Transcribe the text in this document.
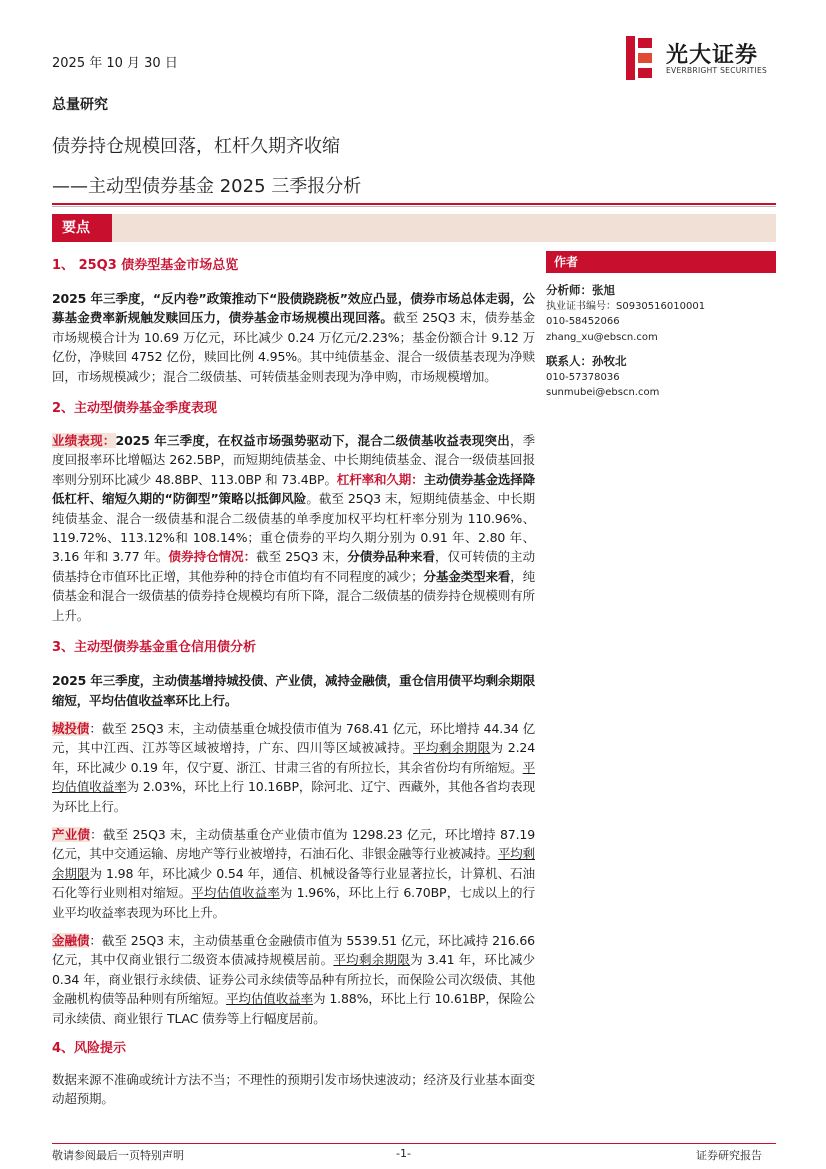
2025 年 10 月 30 日	光大证券
EVERBRIGHT SECURITIES
总量研究
债券持仓规模回落，杠杆久期齐收缩
——主动型债券基金 2025 三季报分析
要点
1、 25Q3 债券型基金市场总览

2025 年三季度，“反内卷”政策推动下“股债跷跷板”效应凸显，债券市场总体走弱，公募基金费率新规触发赎回压力，债券基金市场规模出现回落。截至 25Q3 末，债券基金市场规模合计为 10.69 万亿元，环比减少 0.24 万亿元/2.23%；基金份额合计 9.12 万亿份，净赎回 4752 亿份，赎回比例 4.95%。其中纯债基金、混合一级债基表现为净赎回，市场规模减少；混合二级债基、可转债基金则表现为净申购，市场规模增加。

2、主动型债券基金季度表现

业绩表现：2025 年三季度，在权益市场强势驱动下，混合二级债基收益表现突出，季度回报率环比增幅达 262.5BP，而短期纯债基金、中长期纯债基金、混合一级债基回报率则分别环比减少 48.8BP、113.0BP 和 73.4BP。杠杆率和久期：主动债券基金选择降低杠杆、缩短久期的“防御型”策略以抵御风险。截至 25Q3 末，短期纯债基金、中长期纯债基金、混合一级债基和混合二级债基的单季度加权平均杠杆率分别为 110.96%、119.72%、113.12%和 108.14%；重仓债券的平均久期分别为 0.91 年、2.80 年、3.16 年和 3.77 年。债券持仓情况：截至 25Q3 末，分债券品种来看，仅可转债的主动债基持仓市值环比正增，其他券种的持仓市值均有不同程度的减少；分基金类型来看，纯债基金和混合一级债基的债券持仓规模均有所下降，混合二级债基的债券持仓规模则有所上升。

3、主动型债券基金重仓信用债分析

2025 年三季度，主动债基增持城投债、产业债，减持金融债，重仓信用债平均剩余期限缩短，平均估值收益率环比上行。

城投债：截至 25Q3 末，主动债基重仓城投债市值为 768.41 亿元，环比增持 44.34 亿元，其中江西、江苏等区域被增持，广东、四川等区域被减持。平均剩余期限为 2.24 年，环比减少 0.19 年，仅宁夏、浙江、甘肃三省的有所拉长，其余省份均有所缩短。平均估值收益率为 2.03%，环比上行 10.16BP，除河北、辽宁、西藏外，其他各省均表现为环比上行。

产业债：截至 25Q3 末，主动债基重仓产业债市值为 1298.23 亿元，环比增持 87.19 亿元，其中交通运输、房地产等行业被增持，石油石化、非银金融等行业被减持。平均剩余期限为 1.98 年，环比减少 0.54 年，通信、机械设备等行业显著拉长，计算机、石油石化等行业则相对缩短。平均估值收益率为 1.96%，环比上行 6.70BP，七成以上的行业平均收益率表现为环比上升。

金融债：截至 25Q3 末，主动债基重仓金融债市值为 5539.51 亿元，环比减持 216.66 亿元，其中仅商业银行二级资本债减持规模居前。平均剩余期限为 3.41 年，环比减少 0.34 年，商业银行永续债、证券公司永续债等品种有所拉长，而保险公司次级债、其他金融机构债等品种则有所缩短。平均估值收益率为 1.88%，环比上行 10.61BP，保险公司永续债、商业银行 TLAC 债券等上行幅度居前。

4、风险提示

数据来源不准确或统计方法不当；不理性的预期引发市场快速波动；经济及行业基本面变动超预期。

作者
分析师：张旭
执业证书编号：S0930516010001
010-58452066
zhang_xu@ebscn.com
联系人：孙牧北
010-57378036
sunmubei@ebscn.com
敬请参阅最后一页特别声明	-1-	证券研究报告
